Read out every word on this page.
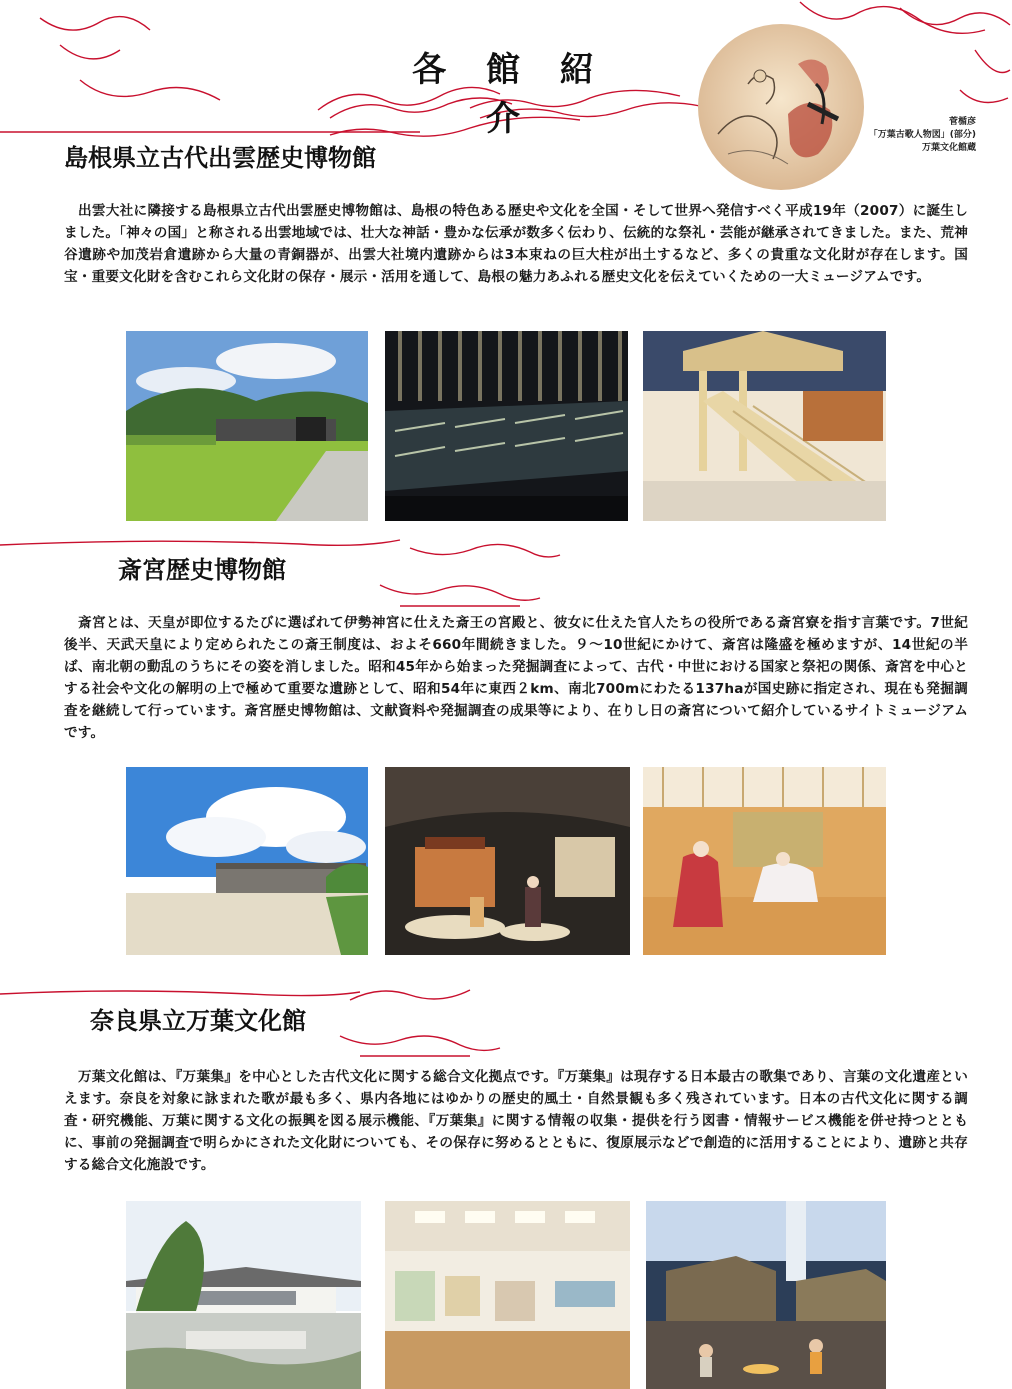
各 館 紹 介	菅楯彦
「万葉古歌人物図」(部分)
万葉文化館蔵
島根県立古代出雲歴史博物館
出雲大社に隣接する島根県立古代出雲歴史博物館は、島根の特色ある歴史や文化を全国・そして世界へ発信すべく平成19年（2007）に誕生しました。「神々の国」と称される出雲地域では、壮大な神話・豊かな伝承が数多く伝わり、伝統的な祭礼・芸能が継承されてきました。また、荒神谷遺跡や加茂岩倉遺跡から大量の青銅器が、出雲大社境内遺跡からは3本束ねの巨大柱が出土するなど、多くの貴重な文化財が存在します。国宝・重要文化財を含むこれら文化財の保存・展示・活用を通して、島根の魅力あふれる歴史文化を伝えていくための一大ミュージアムです。
斎宮歴史博物館
斎宮とは、天皇が即位するたびに選ばれて伊勢神宮に仕えた斎王の宮殿と、彼女に仕えた官人たちの役所である斎宮寮を指す言葉です。7世紀後半、天武天皇により定められたこの斎王制度は、およそ660年間続きました。９～10世紀にかけて、斎宮は隆盛を極めますが、14世紀の半ば、南北朝の動乱のうちにその姿を消しました。昭和45年から始まった発掘調査によって、古代・中世における国家と祭祀の関係、斎宮を中心とする社会や文化の解明の上で極めて重要な遺跡として、昭和54年に東西２km、南北700mにわたる137haが国史跡に指定され、現在も発掘調査を継続して行っています。斎宮歴史博物館は、文献資料や発掘調査の成果等により、在りし日の斎宮について紹介しているサイトミュージアムです。
奈良県立万葉文化館
万葉文化館は、『万葉集』を中心とした古代文化に関する総合文化拠点です。『万葉集』は現存する日本最古の歌集であり、言葉の文化遺産といえます。奈良を対象に詠まれた歌が最も多く、県内各地にはゆかりの歴史的風土・自然景観も多く残されています。日本の古代文化に関する調査・研究機能、万葉に関する文化の振興を図る展示機能、『万葉集』に関する情報の収集・提供を行う図書・情報サービス機能を併せ持つとともに、事前の発掘調査で明らかにされた文化財についても、その保存に努めるとともに、復原展示などで創造的に活用することにより、遺跡と共存する総合文化施設です。
